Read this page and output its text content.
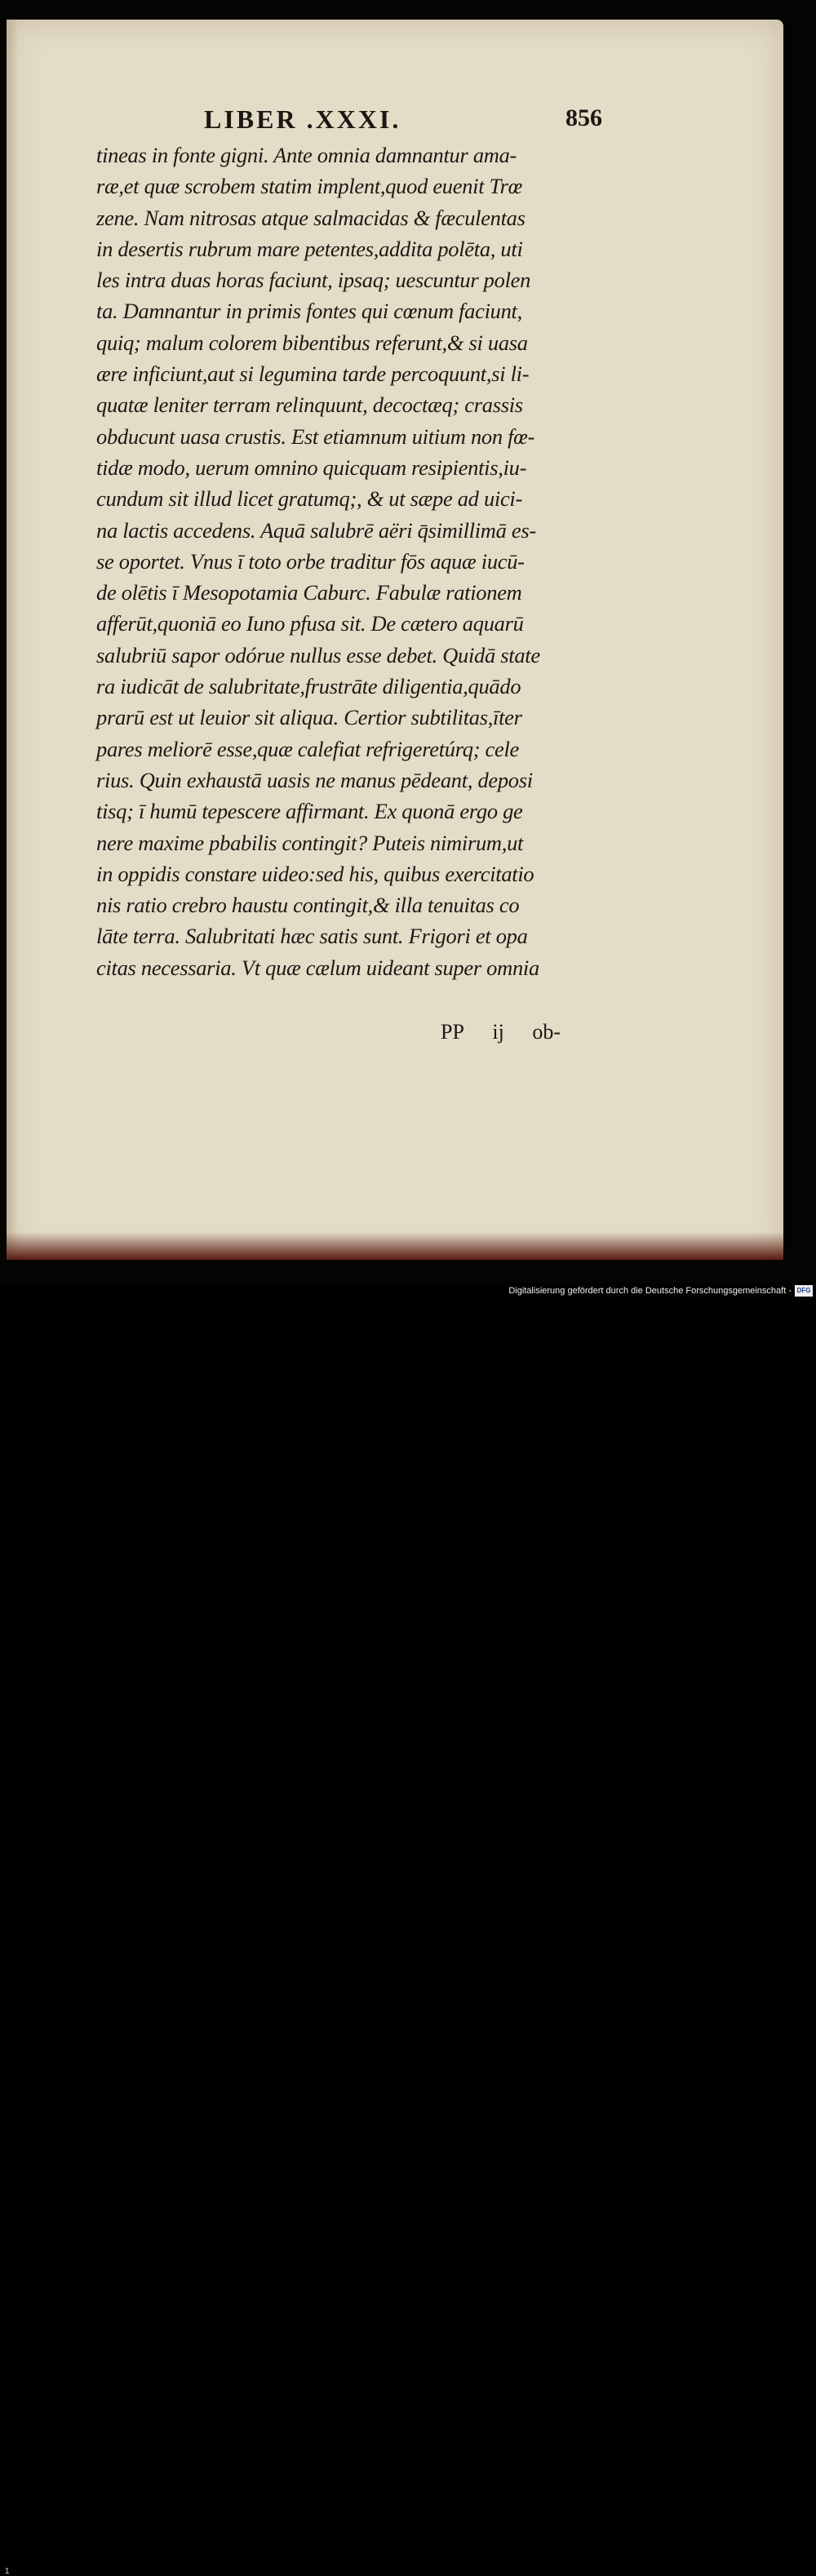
LIBER .XXXI.	856
tineas in fonte gigni. Ante omnia damnantur ama-
ræ,et quæ scrobem statim implent,quod euenit Trœ
zene. Nam nitrosas atque salmacidas & fæculentas
in desertis rubrum mare petentes,addita polēta, uti
les intra duas horas faciunt, ipsaq; uescuntur polen
ta. Damnantur in primis fontes qui cœnum faciunt,
quiq; malum colorem bibentibus referunt,& si uasa
ære inficiunt,aut si legumina tarde percoquunt,si li-
quatæ leniter terram relinquunt, decoctæq; crassis
obducunt uasa crustis. Est etiamnum uitium non fœ-
tidæ modo, uerum omnino quicquam resipientis,iu-
cundum sit illud licet gratumq;, & ut sæpe ad uici-
na lactis accedens. Aquā salubrē aëri q̄simillimā es-
se oportet. Vnus ī toto orbe traditur fōs aquæ iucū-
de olētis ī Mesopotamia Caburc. Fabulæ rationem
afferūt,quoniā eo Iuno pfusa sit. De cætero aquarū
salubriū sapor odórue nullus esse debet. Quidā state
ra iudicāt de salubritate,frustrāte diligentia,quādo
prarū est ut leuior sit aliqua. Certior subtilitas,īter
pares meliorē esse,quæ calefiat refrigeretúrq; cele
rius. Quin exhaustā uasis ne manus pēdeant, deposi
tisq; ī humū tepescere affirmant. Ex quonā ergo ge
nere maxime pbabilis contingit? Puteis nimirum,ut
in oppidis constare uideo:sed his, quibus exercitatio
nis ratio crebro haustu contingit,& illa tenuitas co
lāte terra. Salubritati hæc satis sunt. Frigori et opa
citas necessaria. Vt quæ cælum uideant super omnia
PP ij ob-
1
Digitalisierung gefördert durch die Deutsche Forschungsgemeinschaft - DFG
